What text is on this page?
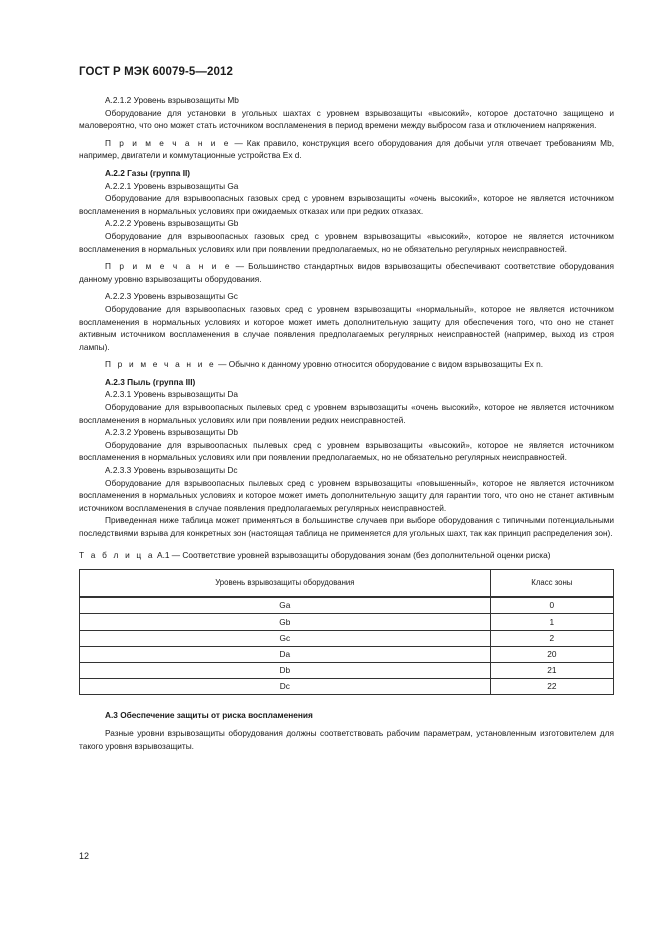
ГОСТ Р МЭК 60079-5—2012

А.2.1.2 Уровень взрывозащиты Mb

Оборудование для установки в угольных шахтах с уровнем взрывозащиты «высокий», которое достаточно защищено и маловероятно, что оно может стать источником воспламенения в период времени между выбросом газа и отключением напряжения.

П р и м е ч а н и е — Как правило, конструкция всего оборудования для добычи угля отвечает требованиям Mb, например, двигатели и коммутационные устройства Ex d.

А.2.2 Газы (группа II)

А.2.2.1 Уровень взрывозащиты Ga

Оборудование для взрывоопасных газовых сред с уровнем взрывозащиты «очень высокий», которое не является источником воспламенения в нормальных условиях при ожидаемых отказах или при редких отказах.

А.2.2.2 Уровень взрывозащиты Gb

Оборудование для взрывоопасных газовых сред с уровнем взрывозащиты «высокий», которое не является источником воспламенения в нормальных условиях или при появлении предполагаемых, но не обязательно регулярных неисправностей.

П р и м е ч а н и е — Большинство стандартных видов взрывозащиты обеспечивают соответствие оборудования данному уровню взрывозащиты оборудования.

А.2.2.3 Уровень взрывозащиты Gc

Оборудование для взрывоопасных газовых сред с уровнем взрывозащиты «нормальный», которое не является источником воспламенения в нормальных условиях и которое может иметь дополнительную защиту для обеспечения того, что оно не станет активным источником воспламенения в случае появления предполагаемых регулярных неисправностей (например, выход из строя лампы).

П р и м е ч а н и е — Обычно к данному уровню относится оборудование с видом взрывозащиты Ex n.

А.2.3 Пыль (группа III)

А.2.3.1 Уровень взрывозащиты Da

Оборудование для взрывоопасных пылевых сред с уровнем взрывозащиты «очень высокий», которое не является источником воспламенения в нормальных условиях или при появлении редких неисправностей.

А.2.3.2 Уровень взрывозащиты Db

Оборудование для взрывоопасных пылевых сред с уровнем взрывозащиты «высокий», которое не является источником воспламенения в нормальных условиях или при появлении предполагаемых, но не обязательно регулярных неисправностей.

А.2.3.3 Уровень взрывозащиты Dc

Оборудование для взрывоопасных пылевых сред с уровнем взрывозащиты «повышенный», которое не является источником воспламенения в нормальных условиях и которое может иметь дополнительную защиту для гарантии того, что оно не станет активным источником воспламенения в случае появления предполагаемых регулярных неисправностей.

Приведенная ниже таблица может применяться в большинстве случаев при выборе оборудования с типичными потенциальными последствиями взрыва для конкретных зон (настоящая таблица не применяется для угольных шахт, так как принцип распределения зон).

Т а б л и ц а А.1 — Соответствие уровней взрывозащиты оборудования зонам (без дополнительной оценки риска)

Уровень взрывозащиты оборудования	Класс зоны
Ga	0
Gb	1
Gc	2
Da	20
Db	21
Dc	22

А.3 Обеспечение защиты от риска воспламенения

Разные уровни взрывозащиты оборудования должны соответствовать рабочим параметрам, установленным изготовителем для такого уровня взрывозащиты.

12
